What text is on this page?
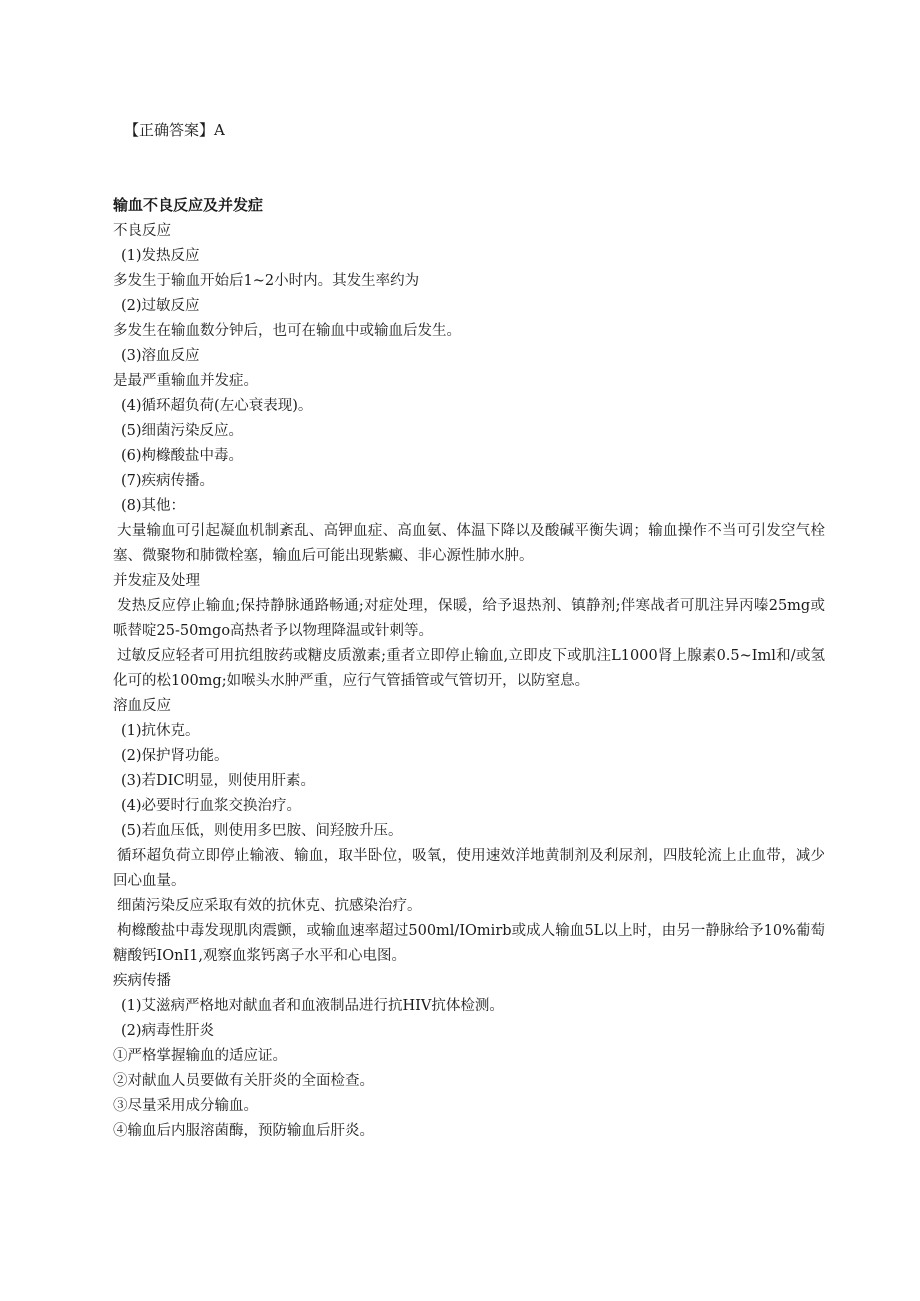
【正确答案】A
输血不良反应及并发症
不良反应
(1)发热反应
多发生于输血开始后1~2小时内。其发生率约为
(2)过敏反应
多发生在输血数分钟后，也可在输血中或输血后发生。
(3)溶血反应
是最严重输血并发症。
(4)循环超负荷(左心衰表现)。
(5)细菌污染反应。
(6)枸橼酸盐中毒。
(7)疾病传播。
(8)其他：
大量输血可引起凝血机制紊乱、高钾血症、高血氨、体温下降以及酸碱平衡失调；输血操作不当可引发空气栓塞、微聚物和肺微栓塞，输血后可能出现紫癜、非心源性肺水肿。
并发症及处理
发热反应停止输血;保持静脉通路畅通;对症处理，保暖，给予退热剂、镇静剂;伴寒战者可肌注异丙嗪25mg或哌替啶25-50mgo高热者予以物理降温或针刺等。
过敏反应轻者可用抗组胺药或糖皮质激素;重者立即停止输血,立即皮下或肌注L1000肾上腺素0.5~Iml和/或氢化可的松100mg;如喉头水肿严重，应行气管插管或气管切开，以防窒息。
溶血反应
(1)抗休克。
(2)保护肾功能。
(3)若DIC明显，则使用肝素。
(4)必要时行血浆交换治疗。
(5)若血压低，则使用多巴胺、间羟胺升压。
循环超负荷立即停止输液、输血，取半卧位，吸氧，使用速效洋地黄制剂及利尿剂，四肢轮流上止血带，减少回心血量。
细菌污染反应采取有效的抗休克、抗感染治疗。
枸橼酸盐中毒发现肌肉震颤，或输血速率超过500ml/IOmirb或成人输血5L以上时，由另一静脉给予10%葡萄糖酸钙IOnI1,观察血浆钙离子水平和心电图。
疾病传播
(1)艾滋病严格地对献血者和血液制品进行抗HIV抗体检测。
(2)病毒性肝炎
①严格掌握输血的适应证。
②对献血人员要做有关肝炎的全面检查。
③尽量采用成分输血。
④输血后内服溶菌酶，预防输血后肝炎。
